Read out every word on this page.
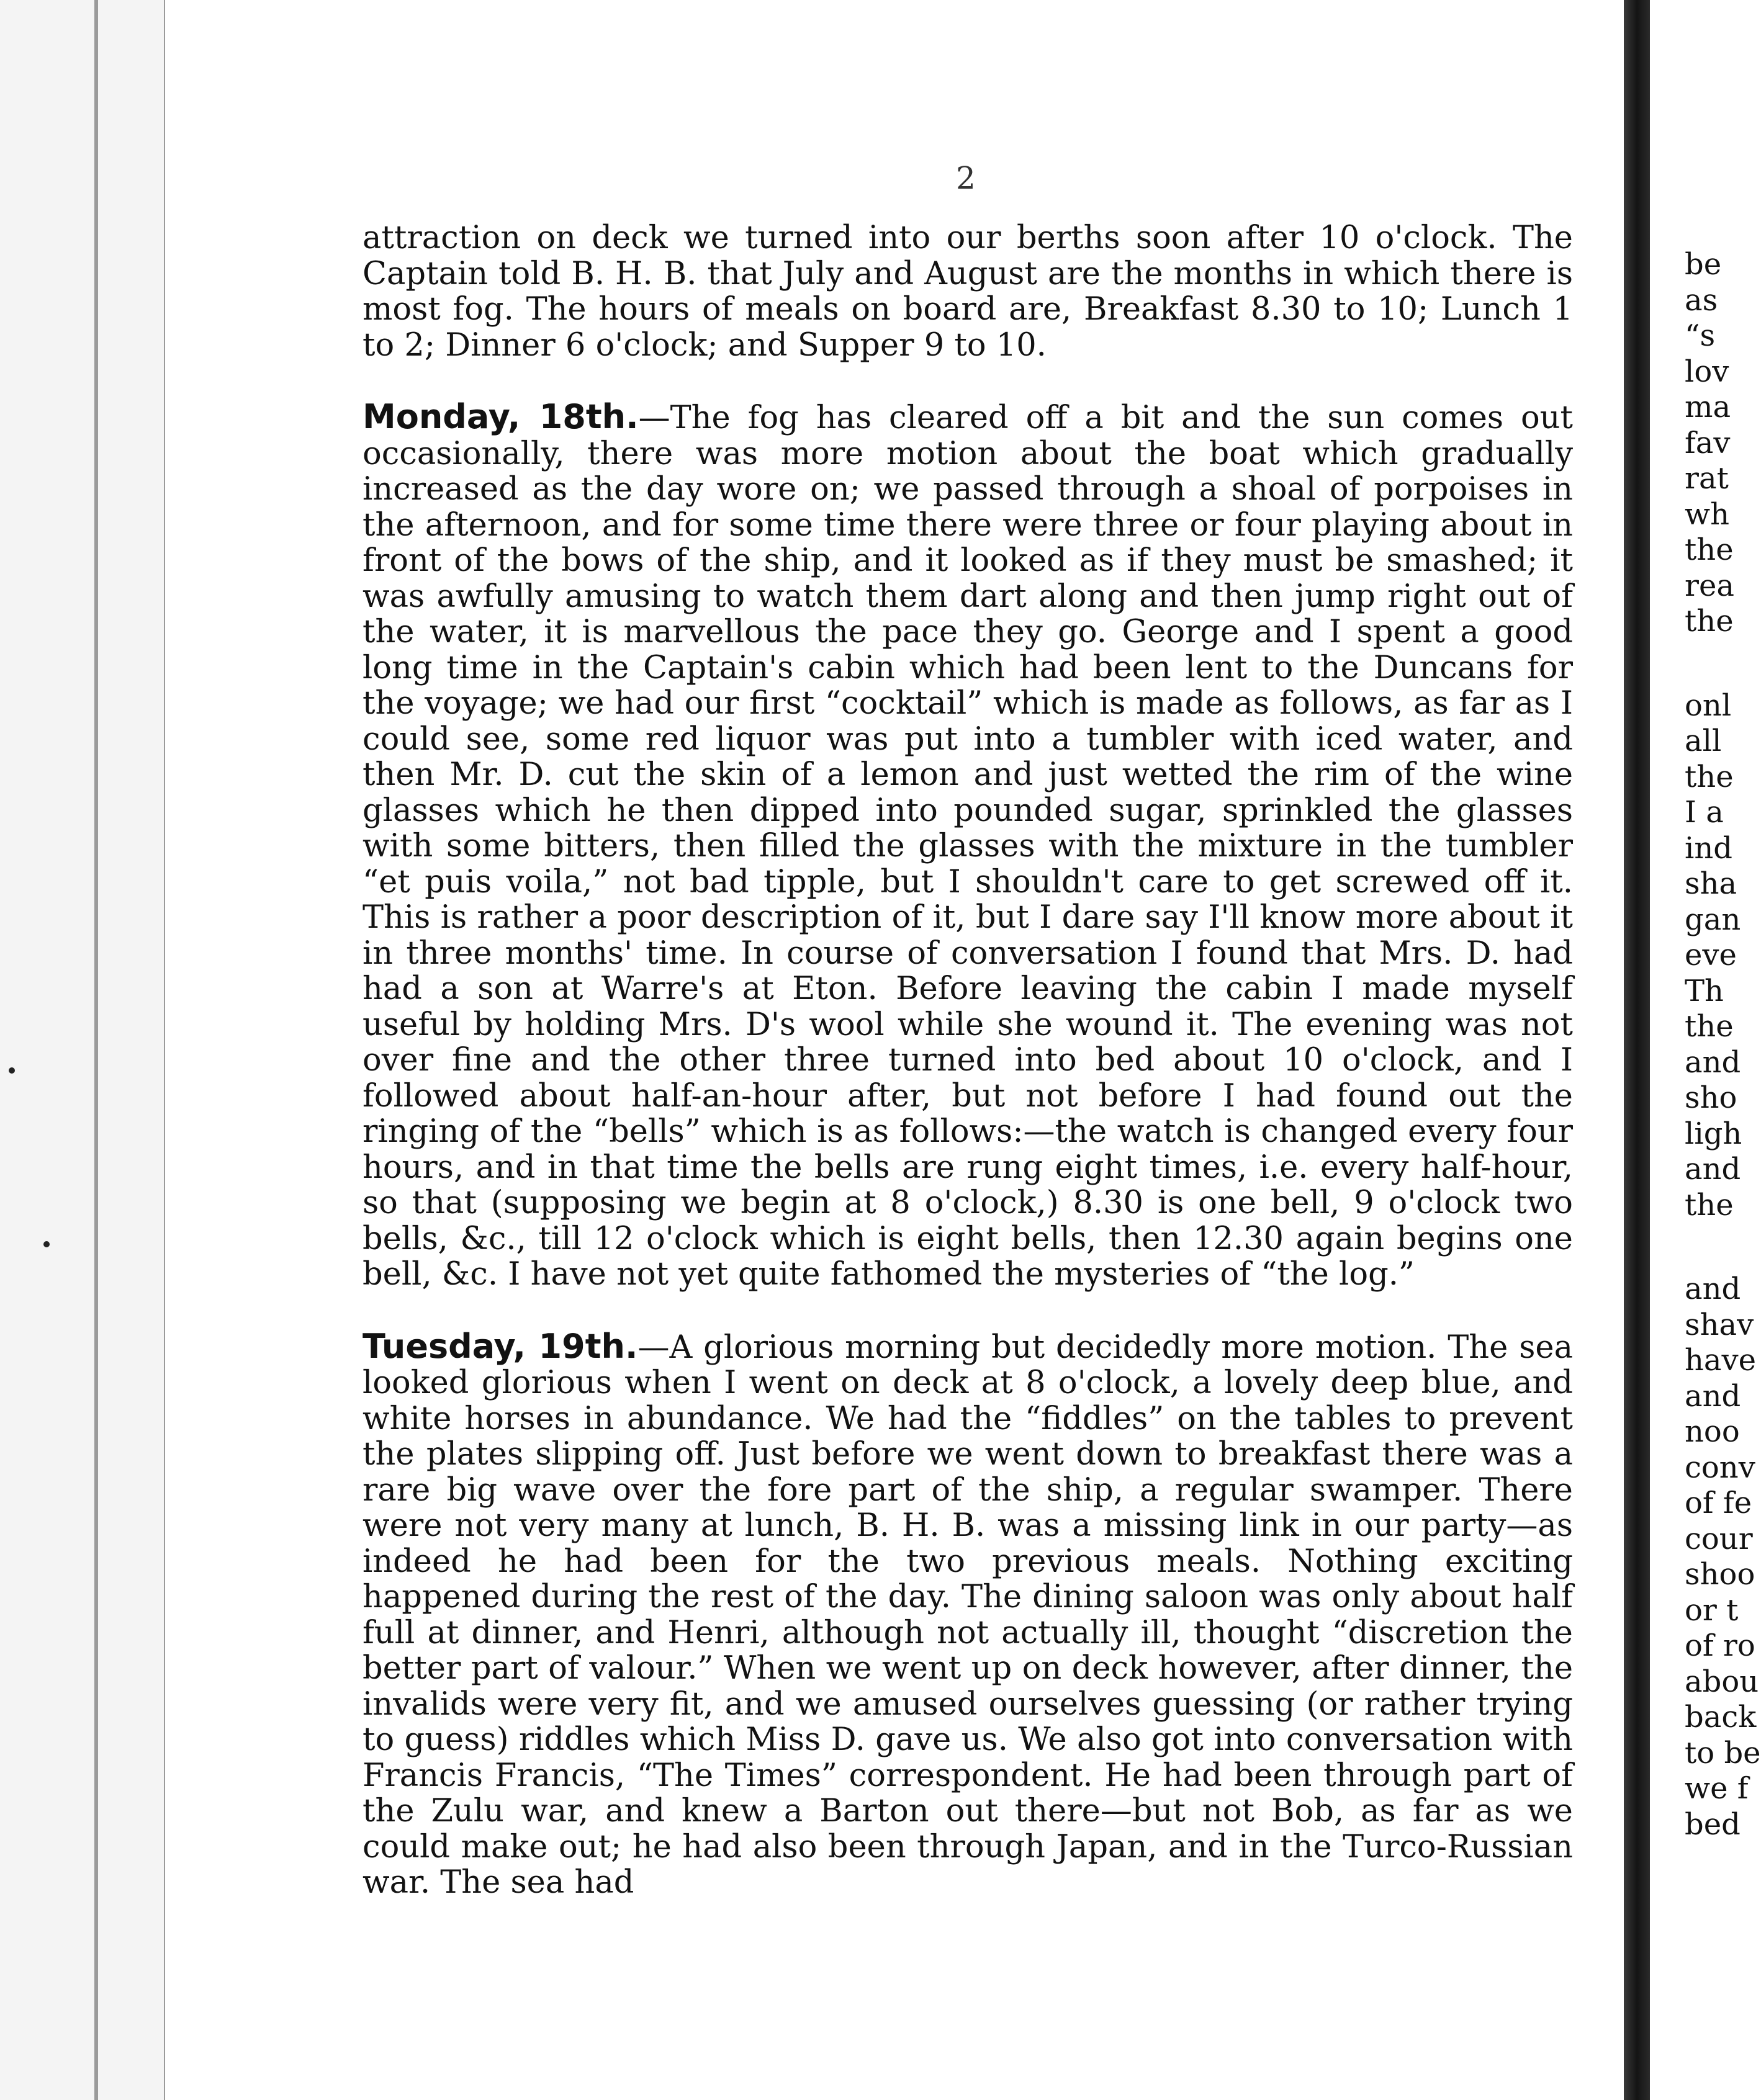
2

attraction on deck we turned into our berths soon after 10 o'clock. The Captain told B. H. B. that July and August are the months in which there is most fog. The hours of meals on board are, Breakfast 8.30 to 10; Lunch 1 to 2; Dinner 6 o'clock; and Supper 9 to 10.

Monday, 18th.—The fog has cleared off a bit and the sun comes out occasionally, there was more motion about the boat which gradually increased as the day wore on; we passed through a shoal of porpoises in the afternoon, and for some time there were three or four playing about in front of the bows of the ship, and it looked as if they must be smashed; it was awfully amusing to watch them dart along and then jump right out of the water, it is marvellous the pace they go. George and I spent a good long time in the Captain's cabin which had been lent to the Duncans for the voyage; we had our first “cocktail” which is made as follows, as far as I could see, some red liquor was put into a tumbler with iced water, and then Mr. D. cut the skin of a lemon and just wetted the rim of the wine glasses which he then dipped into pounded sugar, sprinkled the glasses with some bitters, then filled the glasses with the mixture in the tumbler “et puis voila,” not bad tipple, but I shouldn't care to get screwed off it. This is rather a poor description of it, but I dare say I'll know more about it in three months' time. In course of conversation I found that Mrs. D. had had a son at Warre's at Eton. Before leaving the cabin I made myself useful by holding Mrs. D's wool while she wound it. The evening was not over fine and the other three turned into bed about 10 o'clock, and I followed about half-an-hour after, but not before I had found out the ringing of the “bells” which is as follows:—the watch is changed every four hours, and in that time the bells are rung eight times, i.e. every half-hour, so that (supposing we begin at 8 o'clock,) 8.30 is one bell, 9 o'clock two bells, &c., till 12 o'clock which is eight bells, then 12.30 again begins one bell, &c. I have not yet quite fathomed the mysteries of “the log.”

Tuesday, 19th.—A glorious morning but decidedly more motion. The sea looked glorious when I went on deck at 8 o'clock, a lovely deep blue, and white horses in abundance. We had the “fiddles” on the tables to prevent the plates slipping off. Just before we went down to breakfast there was a rare big wave over the fore part of the ship, a regular swamper. There were not very many at lunch, B. H. B. was a missing link in our party—as indeed he had been for the two previous meals. Nothing exciting happened during the rest of the day. The dining saloon was only about half full at dinner, and Henri, although not actually ill, thought “discretion the better part of valour.” When we went up on deck however, after dinner, the invalids were very fit, and we amused ourselves guessing (or rather trying to guess) riddles which Miss D. gave us. We also got into conversation with Francis Francis, “The Times” correspondent. He had been through part of the Zulu war, and knew a Barton out there—but not Bob, as far as we could make out; he had also been through Japan, and in the Turco-Russian war. The sea had

be
as
“s
lov
ma
fav
rat
wh
the
rea
the
onl
all
the
I a
ind
sha
gan
eve
Th
the
and
sho
ligh
and
the
and
shav
have
and
noo
conv
of fe
cour
shoo
or t
of ro
abou
back
to be
we f
bed
